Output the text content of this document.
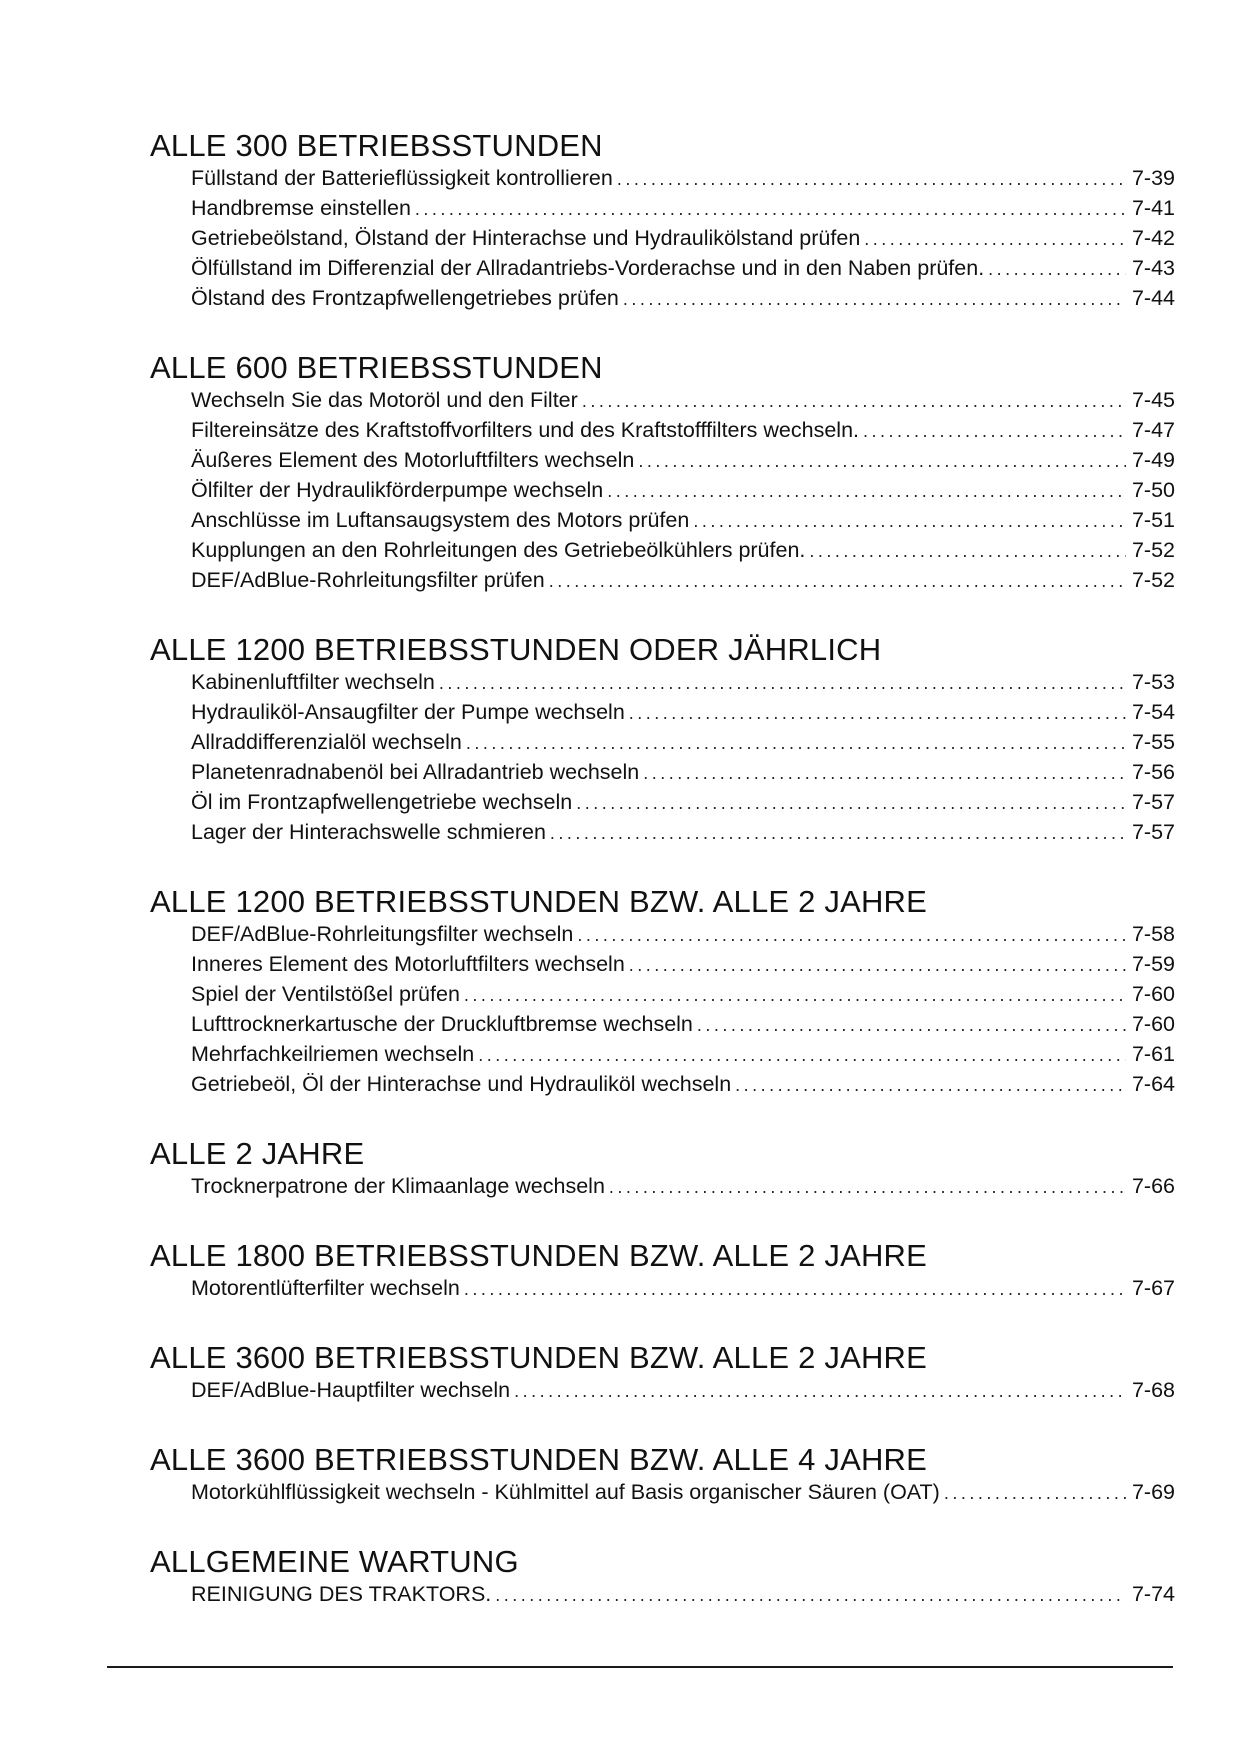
ALLE 300 BETRIEBSSTUNDEN
Füllstand der Batterieflüssigkeit kontrollieren .....	7-39
Handbremse einstellen .....	7-41
Getriebeölstand, Ölstand der Hinterachse und Hydraulikölstand prüfen .....	7-42
Ölfüllstand im Differenzial der Allradantriebs-Vorderachse und in den Naben prüfen. .....	7-43
Ölstand des Frontzapfwellengetriebes prüfen .....	7-44
ALLE 600 BETRIEBSSTUNDEN
Wechseln Sie das Motoröl und den Filter .....	7-45
Filtereinsätze des Kraftstoffvorfilters und des Kraftstofffilters wechseln. .....	7-47
Äußeres Element des Motorluftfilters wechseln .....	7-49
Ölfilter der Hydraulikförderpumpe wechseln .....	7-50
Anschlüsse im Luftansaugsystem des Motors prüfen .....	7-51
Kupplungen an den Rohrleitungen des Getriebeölkühlers prüfen. .....	7-52
DEF/AdBlue-Rohrleitungsfilter prüfen .....	7-52
ALLE 1200 BETRIEBSSTUNDEN ODER JÄHRLICH
Kabinenluftfilter wechseln .....	7-53
Hydrauliköl-Ansaugfilter der Pumpe wechseln .....	7-54
Allraddifferenzialöl wechseln .....	7-55
Planetenradnabenöl bei Allradantrieb wechseln .....	7-56
Öl im Frontzapfwellengetriebe wechseln .....	7-57
Lager der Hinterachswelle schmieren .....	7-57
ALLE 1200 BETRIEBSSTUNDEN BZW. ALLE 2 JAHRE
DEF/AdBlue-Rohrleitungsfilter wechseln .....	7-58
Inneres Element des Motorluftfilters wechseln .....	7-59
Spiel der Ventilstößel prüfen .....	7-60
Lufttrocknerkartusche der Druckluftbremse wechseln .....	7-60
Mehrfachkeilriemen wechseln .....	7-61
Getriebeöl, Öl der Hinterachse und Hydrauliköl wechseln .....	7-64
ALLE 2 JAHRE
Trocknerpatrone der Klimaanlage wechseln .....	7-66
ALLE 1800 BETRIEBSSTUNDEN BZW. ALLE 2 JAHRE
Motorentlüfterfilter wechseln .....	7-67
ALLE 3600 BETRIEBSSTUNDEN BZW. ALLE 2 JAHRE
DEF/AdBlue-Hauptfilter wechseln .....	7-68
ALLE 3600 BETRIEBSSTUNDEN BZW. ALLE 4 JAHRE
Motorkühlflüssigkeit wechseln - Kühlmittel auf Basis organischer Säuren (OAT) .....	7-69
ALLGEMEINE WARTUNG
REINIGUNG DES TRAKTORS. .....	7-74
